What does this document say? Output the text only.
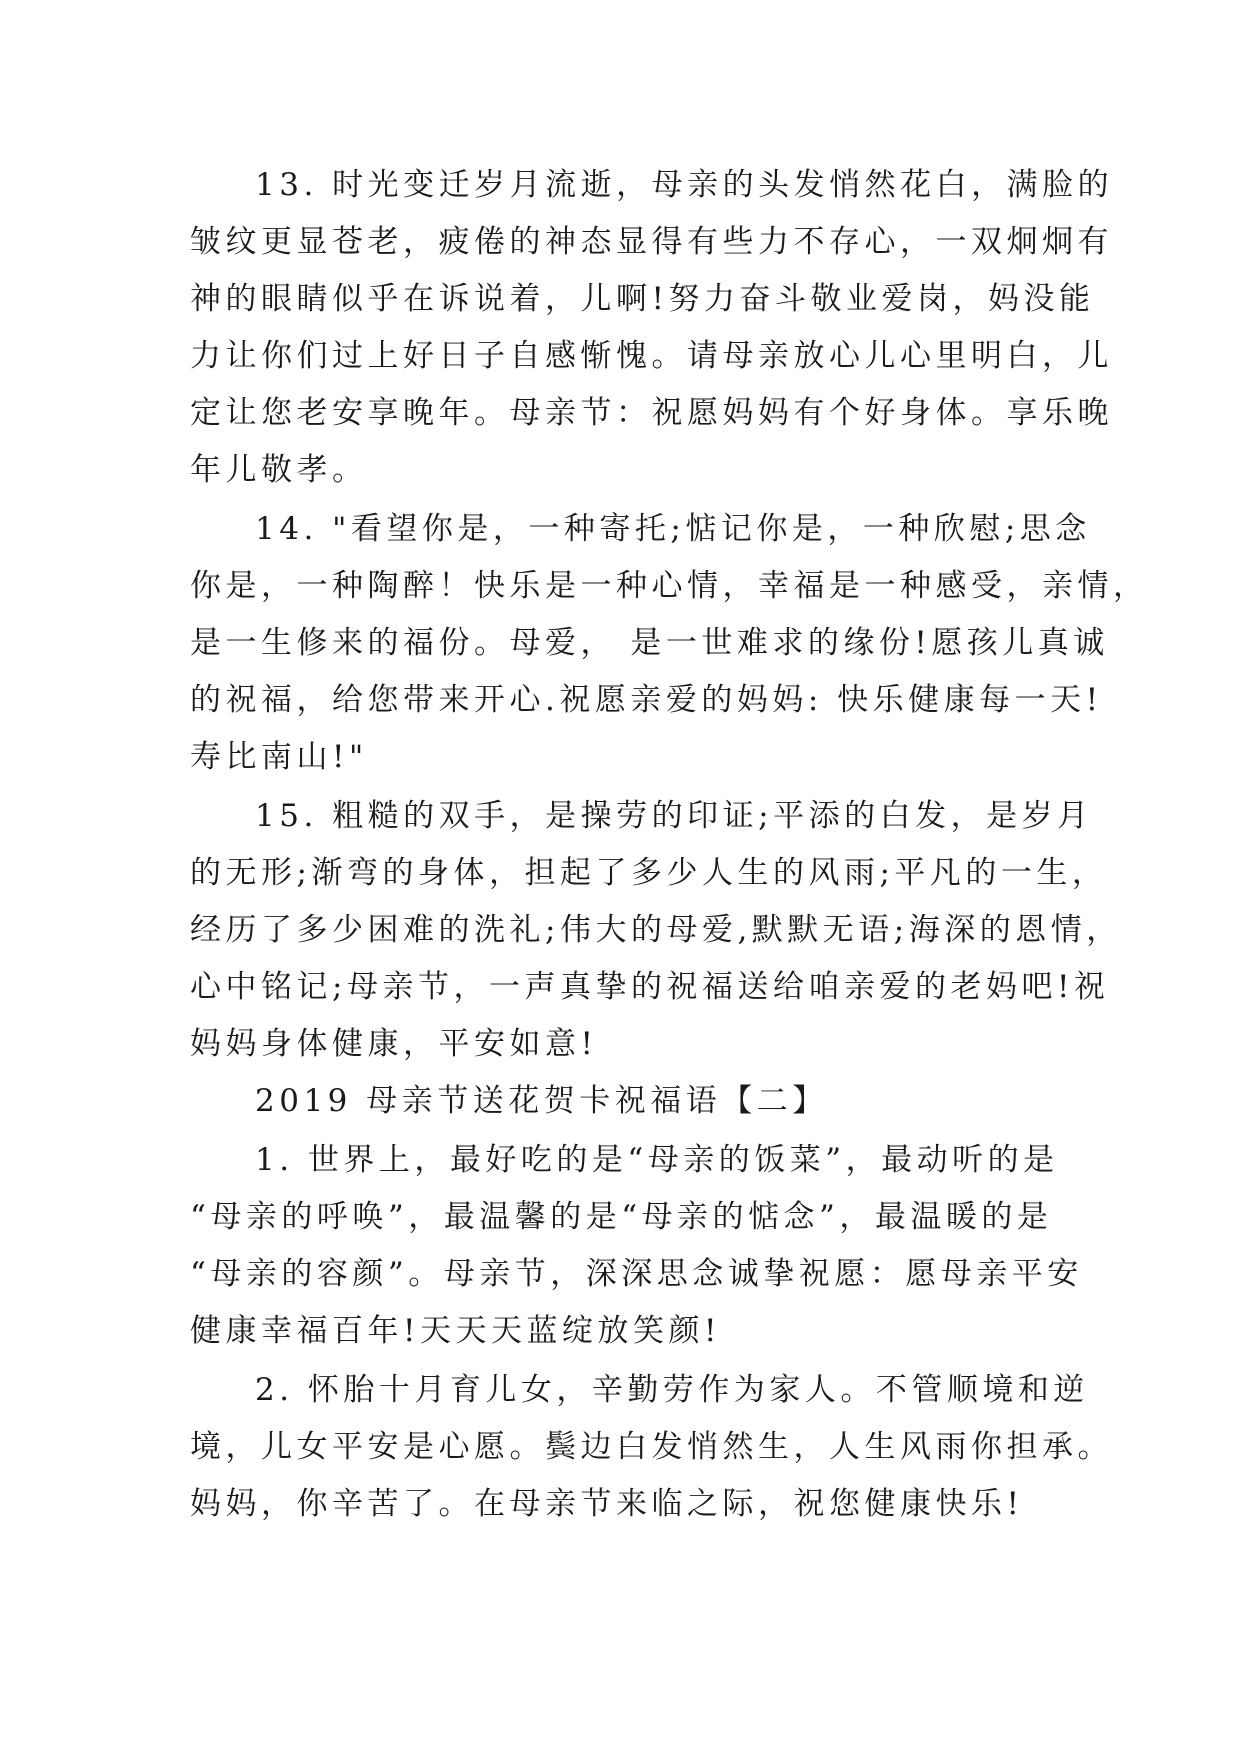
13. 时光变迁岁月流逝，母亲的头发悄然花白，满脸的

皱纹更显苍老，疲倦的神态显得有些力不存心，一双炯炯有

神的眼睛似乎在诉说着，儿啊!努力奋斗敬业爱岗，妈没能

力让你们过上好日子自感惭愧。请母亲放心儿心里明白，儿

定让您老安享晚年。母亲节：祝愿妈妈有个好身体。享乐晚

年儿敬孝。

14. "看望你是，一种寄托;惦记你是，一种欣慰;思念

你是，一种陶醉！快乐是一种心情，幸福是一种感受，亲情，

是一生修来的福份。母爱， 是一世难求的缘份!愿孩儿真诚

的祝福，给您带来开心.祝愿亲爱的妈妈: 快乐健康每一天!

寿比南山!"

15. 粗糙的双手，是操劳的印证;平添的白发，是岁月

的无形;渐弯的身体，担起了多少人生的风雨;平凡的一生，

经历了多少困难的洗礼;伟大的母爱,默默无语;海深的恩情，

心中铭记;母亲节，一声真挚的祝福送给咱亲爱的老妈吧!祝

妈妈身体健康，平安如意!

2019 母亲节送花贺卡祝福语【二】

1. 世界上，最好吃的是“母亲的饭菜”，最动听的是

“母亲的呼唤”，最温馨的是“母亲的惦念”，最温暖的是

“母亲的容颜”。母亲节，深深思念诚挚祝愿：愿母亲平安

健康幸福百年!天天天蓝绽放笑颜!

2. 怀胎十月育儿女，辛勤劳作为家人。不管顺境和逆

境，儿女平安是心愿。鬓边白发悄然生，人生风雨你担承。

妈妈，你辛苦了。在母亲节来临之际，祝您健康快乐!
